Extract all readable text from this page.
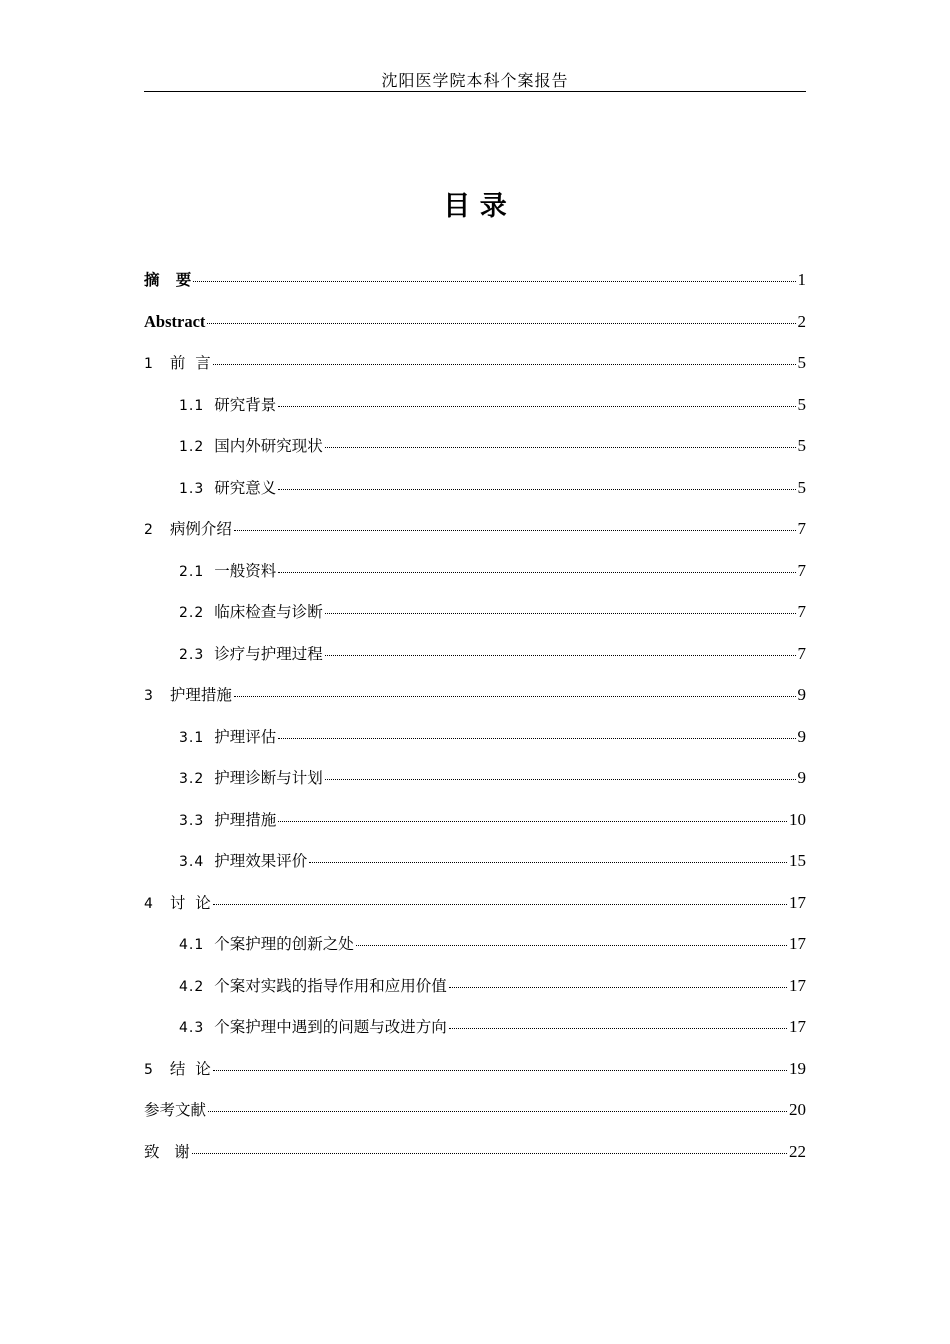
沈阳医学院本科个案报告
目 录
摘   要	1
Abstract	2
1 前  言	5
1.1 研究背景	5
1.2 国内外研究现状	5
1.3 研究意义	5
2 病例介绍	7
2.1 一般资料	7
2.2 临床检查与诊断	7
2.3 诊疗与护理过程	7
3 护理措施	9
3.1 护理评估	9
3.2 护理诊断与计划	9
3.3 护理措施	10
3.4 护理效果评价	15
4 讨  论	17
4.1 个案护理的创新之处	17
4.2 个案对实践的指导作用和应用价值	17
4.3 个案护理中遇到的问题与改进方向	17
5 结  论	19
参考文献	20
致   谢	22
